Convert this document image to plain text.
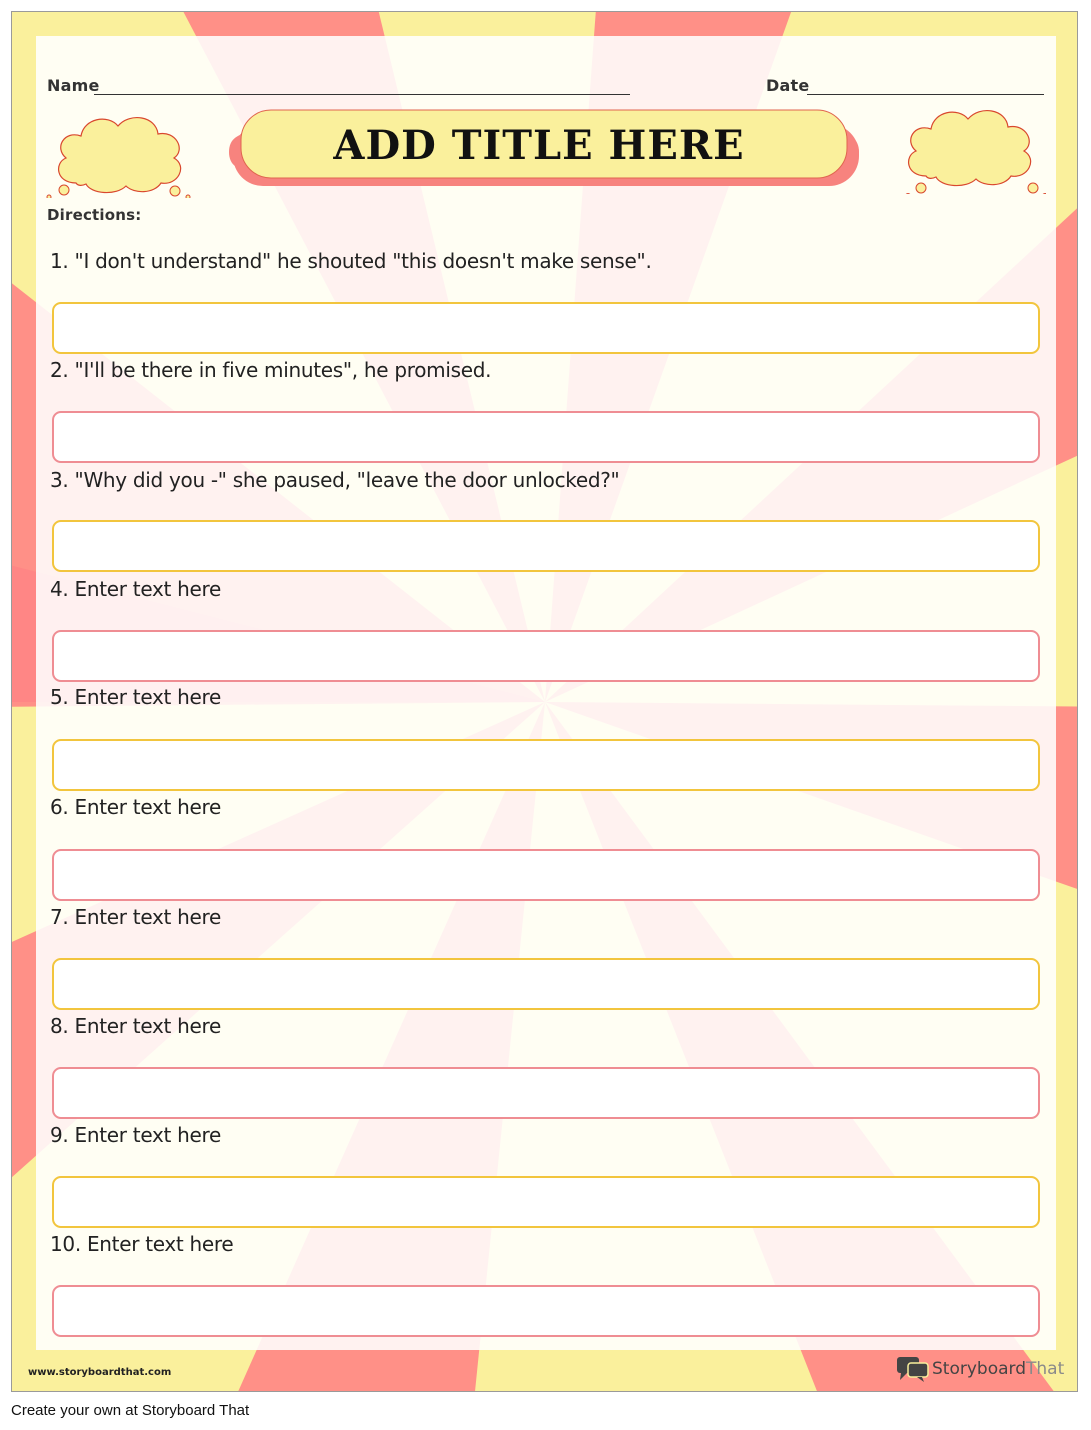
Name	Date
ADD TITLE HERE
Directions:
1. "I don't understand" he shouted "this doesn't make sense".
2. "I'll be there in five minutes", he promised.
3. "Why did you -" she paused, "leave the door unlocked?"
4. Enter text here
5. Enter text here
6. Enter text here
7. Enter text here
8. Enter text here
9. Enter text here
10. Enter text here
www.storyboardthat.com	StoryboardThat
Create your own at Storyboard That
